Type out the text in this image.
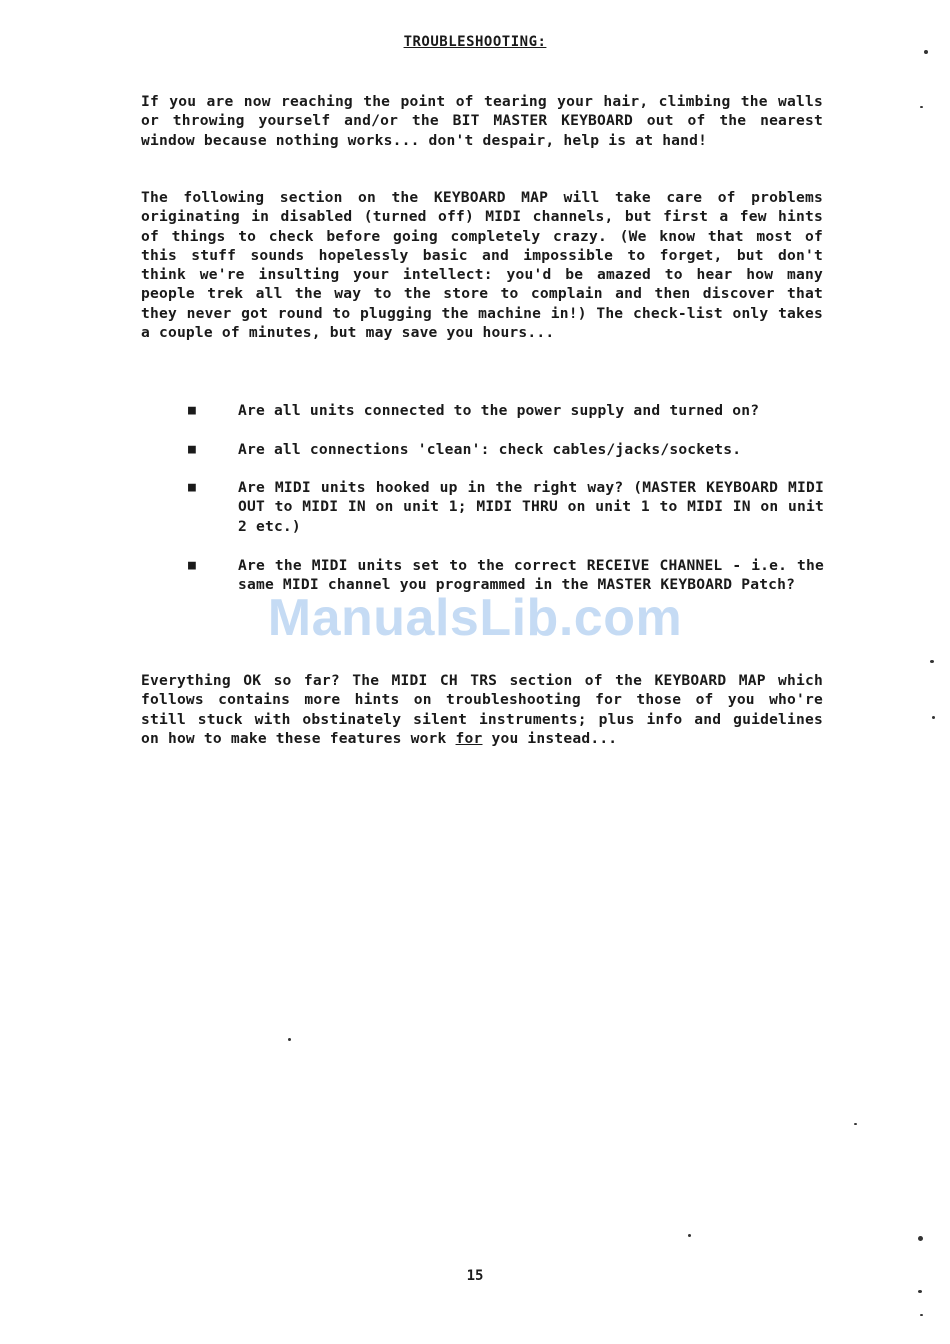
TROUBLESHOOTING:

If you are now reaching the point of tearing your hair, climbing the walls or throwing yourself and/or the BIT MASTER KEYBOARD out of the nearest window because nothing works... don't despair, help is at hand!

The following section on the KEYBOARD MAP will take care of problems originating in disabled (turned off) MIDI channels, but first a few hints of things to check before going completely crazy. (We know that most of this stuff sounds hopelessly basic and impossible to forget, but don't think we're insulting your intellect: you'd be amazed to hear how many people trek all the way to the store to complain and then discover that they never got round to plugging the machine in!) The check-list only takes a couple of minutes, but may save you hours...

■	Are all units connected to the power supply and turned on?

■	Are all connections 'clean': check cables/jacks/sockets.

■	Are MIDI units hooked up in the right way? (MASTER KEYBOARD MIDI OUT to MIDI IN on unit 1; MIDI THRU on unit 1 to MIDI IN on unit 2 etc.)

■	Are the MIDI units set to the correct RECEIVE CHANNEL - i.e. the same MIDI channel you programmed in the MASTER KEYBOARD Patch?

Everything OK so far? The MIDI CH TRS section of the KEYBOARD MAP which follows contains more hints on troubleshooting for those of you who're still stuck with obstinately silent instruments; plus info and guidelines on how to make these features work for you instead...

ManualsLib.com
15
